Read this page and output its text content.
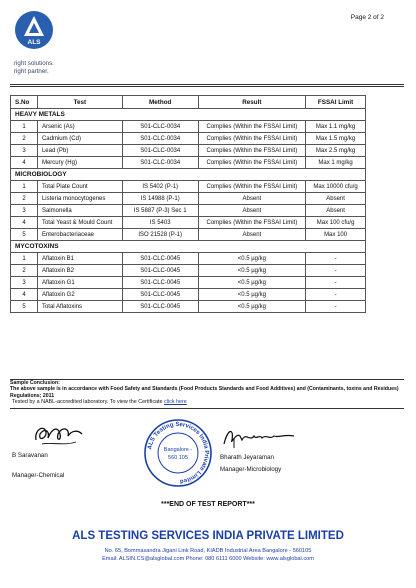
ALS
right solutions.
right partner.
Page 2 of 2
S.No	Test	Method	Result	FSSAI Limit
HEAVY METALS				
1	Arsenic (As)	S01-CLC-0034	Complies (Within the FSSAI Limit)	Max 1.1 mg/kg
2	Cadmium (Cd)	S01-CLC-0034	Complies (Within the FSSAI Limit)	Max 1.5 mg/kg
3	Lead (Pb)	S01-CLC-0034	Complies (Within the FSSAI Limit)	Max 2.5 mg/kg
4	Mercury (Hg)	S01-CLC-0034	Complies (Within the FSSAI Limit)	Max 1 mg/kg
MICROBIOLOGY				
1	Total Plate Count	IS 5402 (P-1)	Complies (Within the FSSAI Limit)	Max 10000 cfu/g
2	Listeria monocytogenes	IS 14988 (P-1)	Absent	Absent
3	Salmonella	IS 5887 (P-3) Sec 1	Absent	Absent
4	Total Yeast & Mould Count	IS 5403	Complies (Within the FSSAI Limit)	Max 100 cfu/g
5	Enterobacteriaceae	ISO 21528 (P-1)	Absent	Max 100
MYCOTOXINS				
1	Aflatoxin B1	S01-CLC-0045	<0.5 µg/kg	-
2	Aflatoxin B2	S01-CLC-0045	<0.5 µg/kg	-
3	Aflatoxin G1	S01-CLC-0045	<0.5 µg/kg	-
4	Aflatoxin G2	S01-CLC-0045	<0.5 µg/kg	-
5	Total Aflatoxins	S01-CLC-0045	<0.5 µg/kg	-
Sample Conclusion:
The above sample is in accordance with Food Safety and Standards (Food Products Standards and Food Additives) and (Contaminants, toxins and Residues) Regulations; 2011
Tested by a NABL-accredited laboratory. To view the Certificate click here
B Saravanan
Manager-Chemical
ALS Testing Services India Private Limited
Bangalore -
560 105	Bharath Jeyaraman
Manager-Microbiology
***END OF TEST REPORT***
ALS TESTING SERVICES INDIA PRIVATE LIMITED
No. 65, Bommasandra Jigani Link Road, KIADB Industrial Area Bangalore - 560105
Email: ALSIN.CS@alsglobal.com Phone: 080 6111 6000 Website: www.alsglobal.com
